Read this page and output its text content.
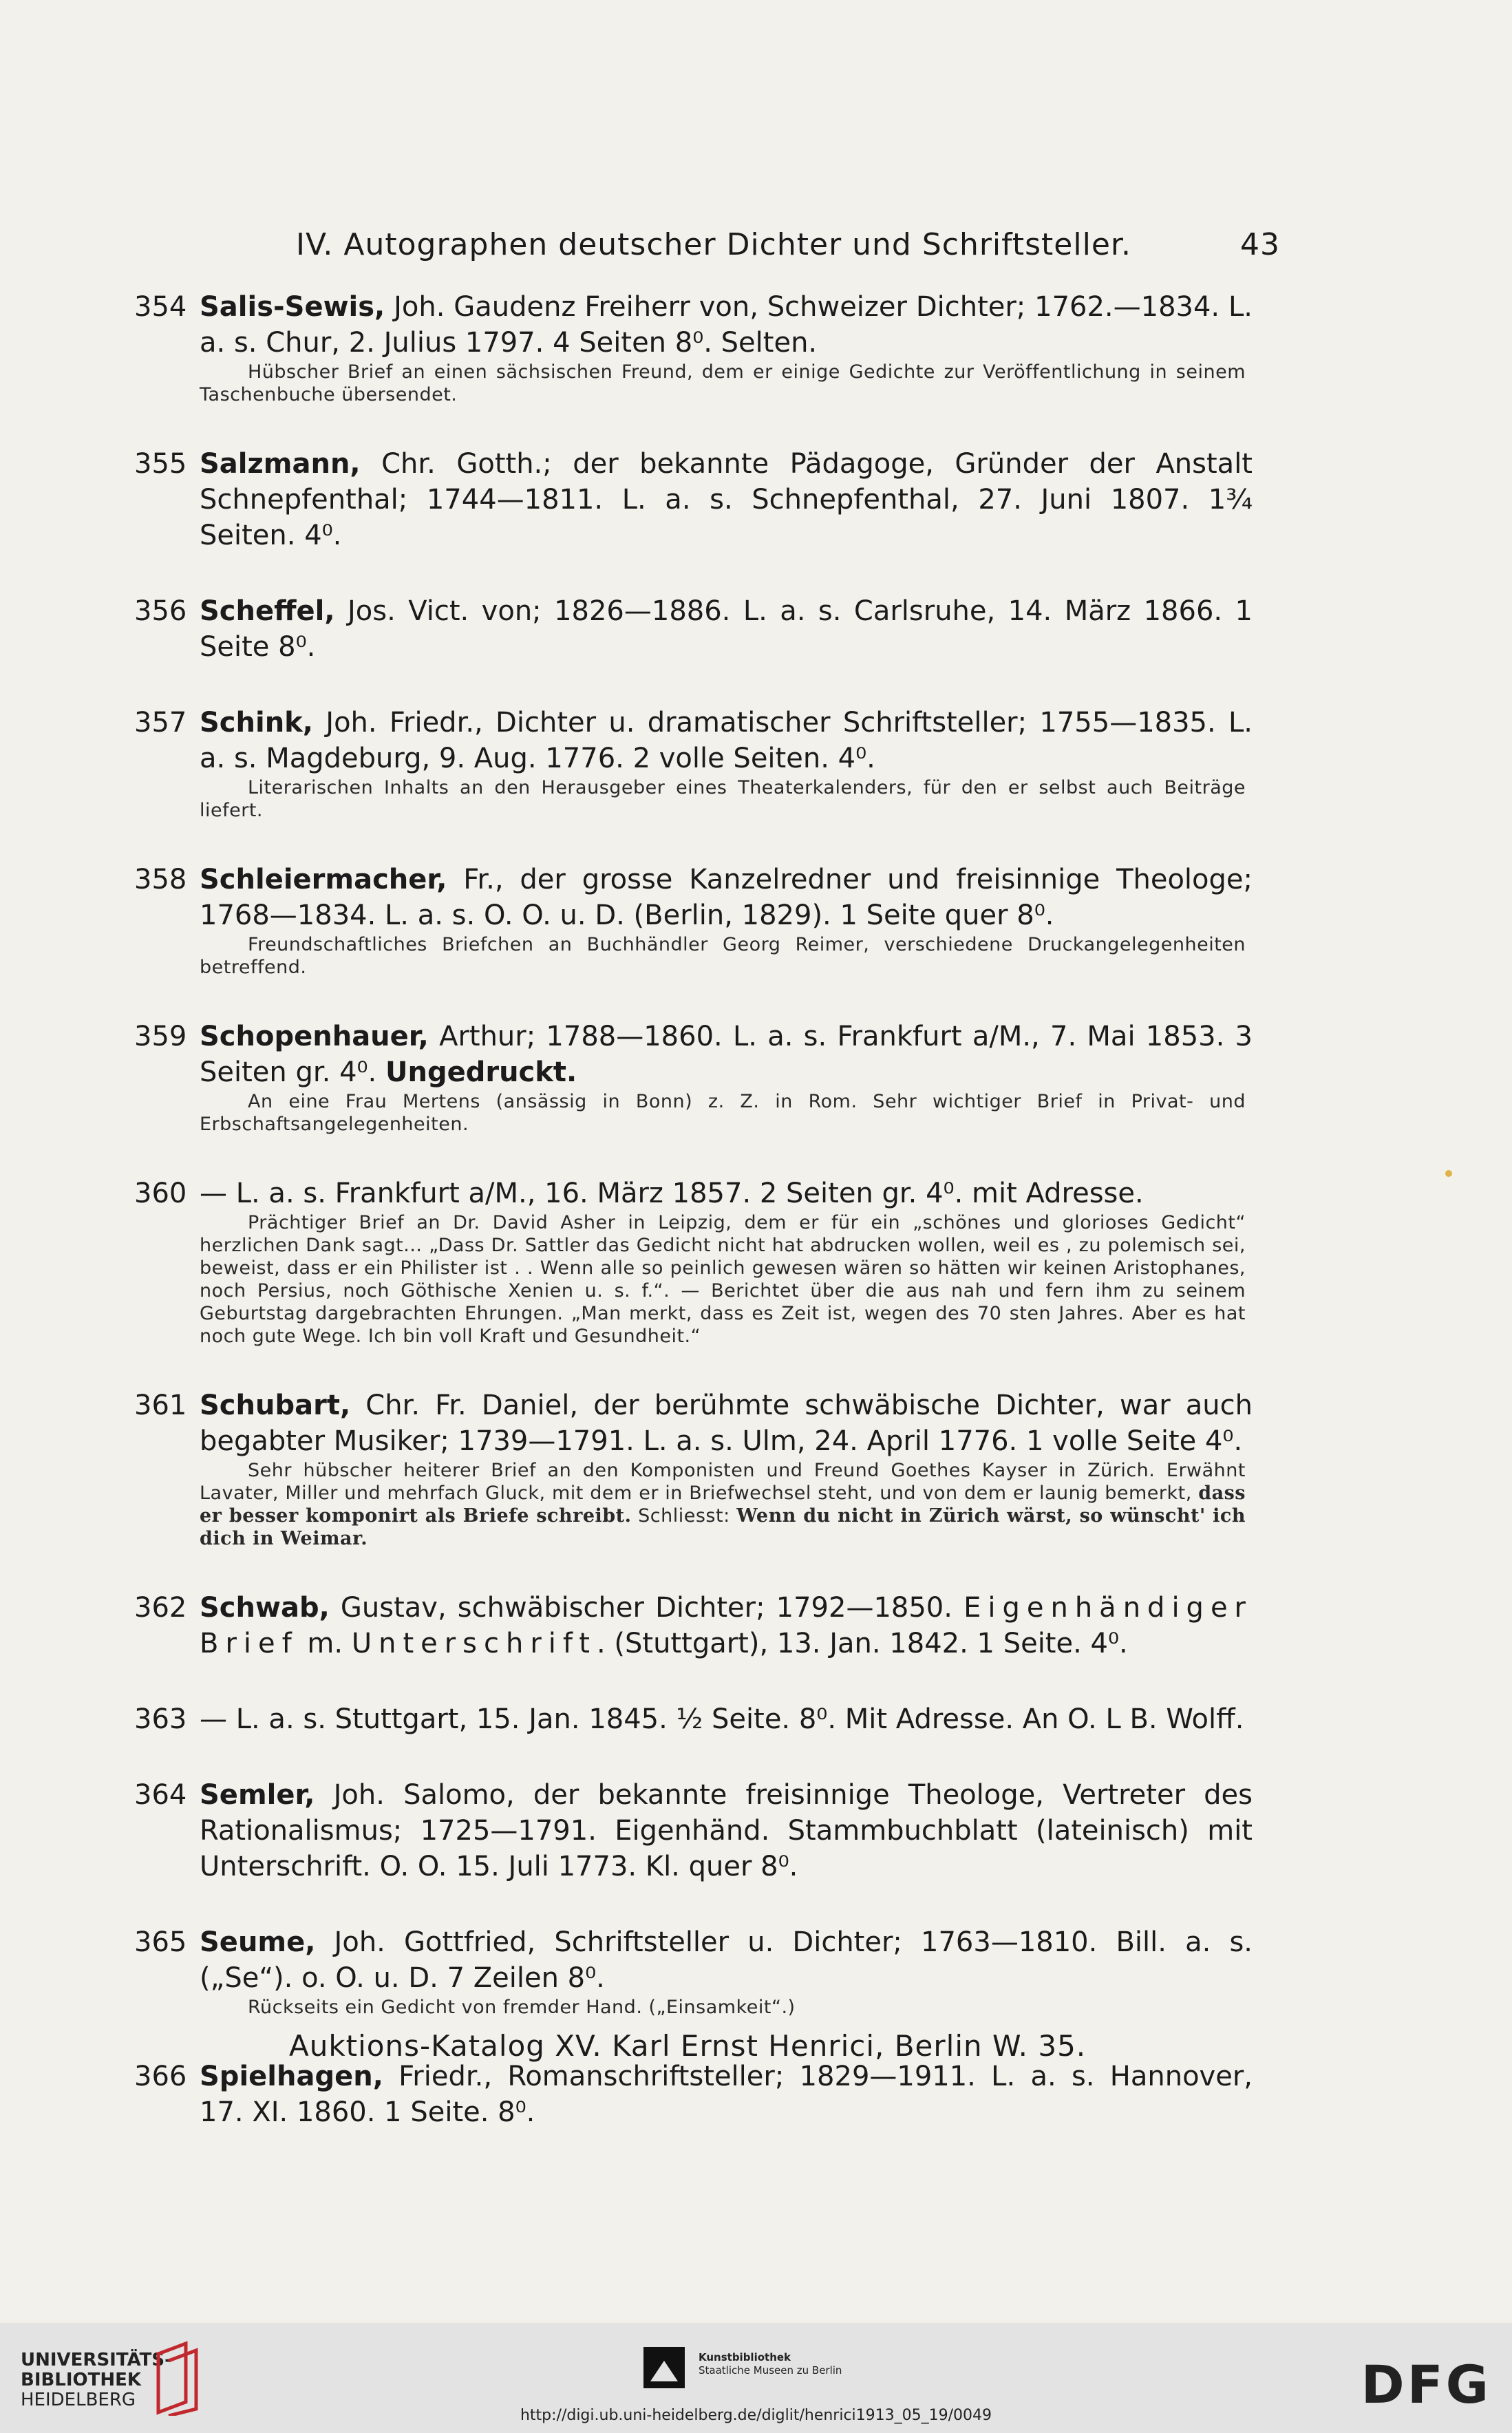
IV. Autographen deutscher Dichter und Schriftsteller.	43
354 Salis-Sewis, Joh. Gaudenz Freiherr von, Schweizer Dichter; 1762.—1834. L. a. s. Chur, 2. Julius 1797. 4 Seiten 8⁰. Selten.
Hübscher Brief an einen sächsischen Freund, dem er einige Gedichte zur Veröffentlichung in seinem Taschenbuche übersendet.
355 Salzmann, Chr. Gotth.; der bekannte Pädagoge, Gründer der Anstalt Schnepfenthal; 1744—1811. L. a. s. Schnepfenthal, 27. Juni 1807. 1¾ Seiten. 4⁰.
356 Scheffel, Jos. Vict. von; 1826—1886. L. a. s. Carlsruhe, 14. März 1866. 1 Seite 8⁰.
357 Schink, Joh. Friedr., Dichter u. dramatischer Schriftsteller; 1755—1835. L. a. s. Magdeburg, 9. Aug. 1776. 2 volle Seiten. 4⁰.
Literarischen Inhalts an den Herausgeber eines Theaterkalenders, für den er selbst auch Beiträge liefert.
358 Schleiermacher, Fr., der grosse Kanzelredner und freisinnige Theologe; 1768—1834. L. a. s. O. O. u. D. (Berlin, 1829). 1 Seite quer 8⁰.
Freundschaftliches Briefchen an Buchhändler Georg Reimer, verschiedene Druckangelegenheiten betreffend.
359 Schopenhauer, Arthur; 1788—1860. L. a. s. Frankfurt a/M., 7. Mai 1853. 3 Seiten gr. 4⁰. Ungedruckt.
An eine Frau Mertens (ansässig in Bonn) z. Z. in Rom. Sehr wichtiger Brief in Privat- und Erbschaftsangelegenheiten.
360 — L. a. s. Frankfurt a/M., 16. März 1857. 2 Seiten gr. 4⁰. mit Adresse.
Prächtiger Brief an Dr. David Asher in Leipzig, dem er für ein „schönes und glorioses Gedicht“ herzlichen Dank sagt... „Dass Dr. Sattler das Gedicht nicht hat abdrucken wollen, weil es , zu polemisch sei, beweist, dass er ein Philister ist . . Wenn alle so peinlich gewesen wären so hätten wir keinen Aristophanes, noch Persius, noch Göthische Xenien u. s. f.“. — Berichtet über die aus nah und fern ihm zu seinem Geburtstag dargebrachten Ehrungen. „Man merkt, dass es Zeit ist, wegen des 70 sten Jahres. Aber es hat noch gute Wege. Ich bin voll Kraft und Gesundheit.“
361 Schubart, Chr. Fr. Daniel, der berühmte schwäbische Dichter, war auch begabter Musiker; 1739—1791. L. a. s. Ulm, 24. April 1776. 1 volle Seite 4⁰.
Sehr hübscher heiterer Brief an den Komponisten und Freund Goethes Kayser in Zürich. Erwähnt Lavater, Miller und mehrfach Gluck, mit dem er in Briefwechsel steht, und von dem er launig bemerkt, dass er besser komponirt als Briefe schreibt. Schliesst: Wenn du nicht in Zürich wärst, so wünscht' ich dich in Weimar.
362 Schwab, Gustav, schwäbischer Dichter; 1792—1850. Eigenhändiger Brief m. Unterschrift. (Stuttgart), 13. Jan. 1842. 1 Seite. 4⁰.
363 — L. a. s. Stuttgart, 15. Jan. 1845. ½ Seite. 8⁰. Mit Adresse. An O. L B. Wolff.
364 Semler, Joh. Salomo, der bekannte freisinnige Theologe, Vertreter des Rationalismus; 1725—1791. Eigenhänd. Stammbuchblatt (lateinisch) mit Unterschrift. O. O. 15. Juli 1773. Kl. quer 8⁰.
365 Seume, Joh. Gottfried, Schriftsteller u. Dichter; 1763—1810. Bill. a. s. („Se“). o. O. u. D. 7 Zeilen 8⁰.
Rückseits ein Gedicht von fremder Hand. („Einsamkeit“.)
366 Spielhagen, Friedr., Romanschriftsteller; 1829—1911. L. a. s. Hannover, 17. XI. 1860. 1 Seite. 8⁰.
Auktions-Katalog XV. Karl Ernst Henrici, Berlin W. 35.
UNIVERSITÄTS-
BIBLIOTHEK
HEIDELBERG
Kunstbibliothek
Staatliche Museen zu Berlin	DFG
http://digi.ub.uni-heidelberg.de/diglit/henrici1913_05_19/0049
